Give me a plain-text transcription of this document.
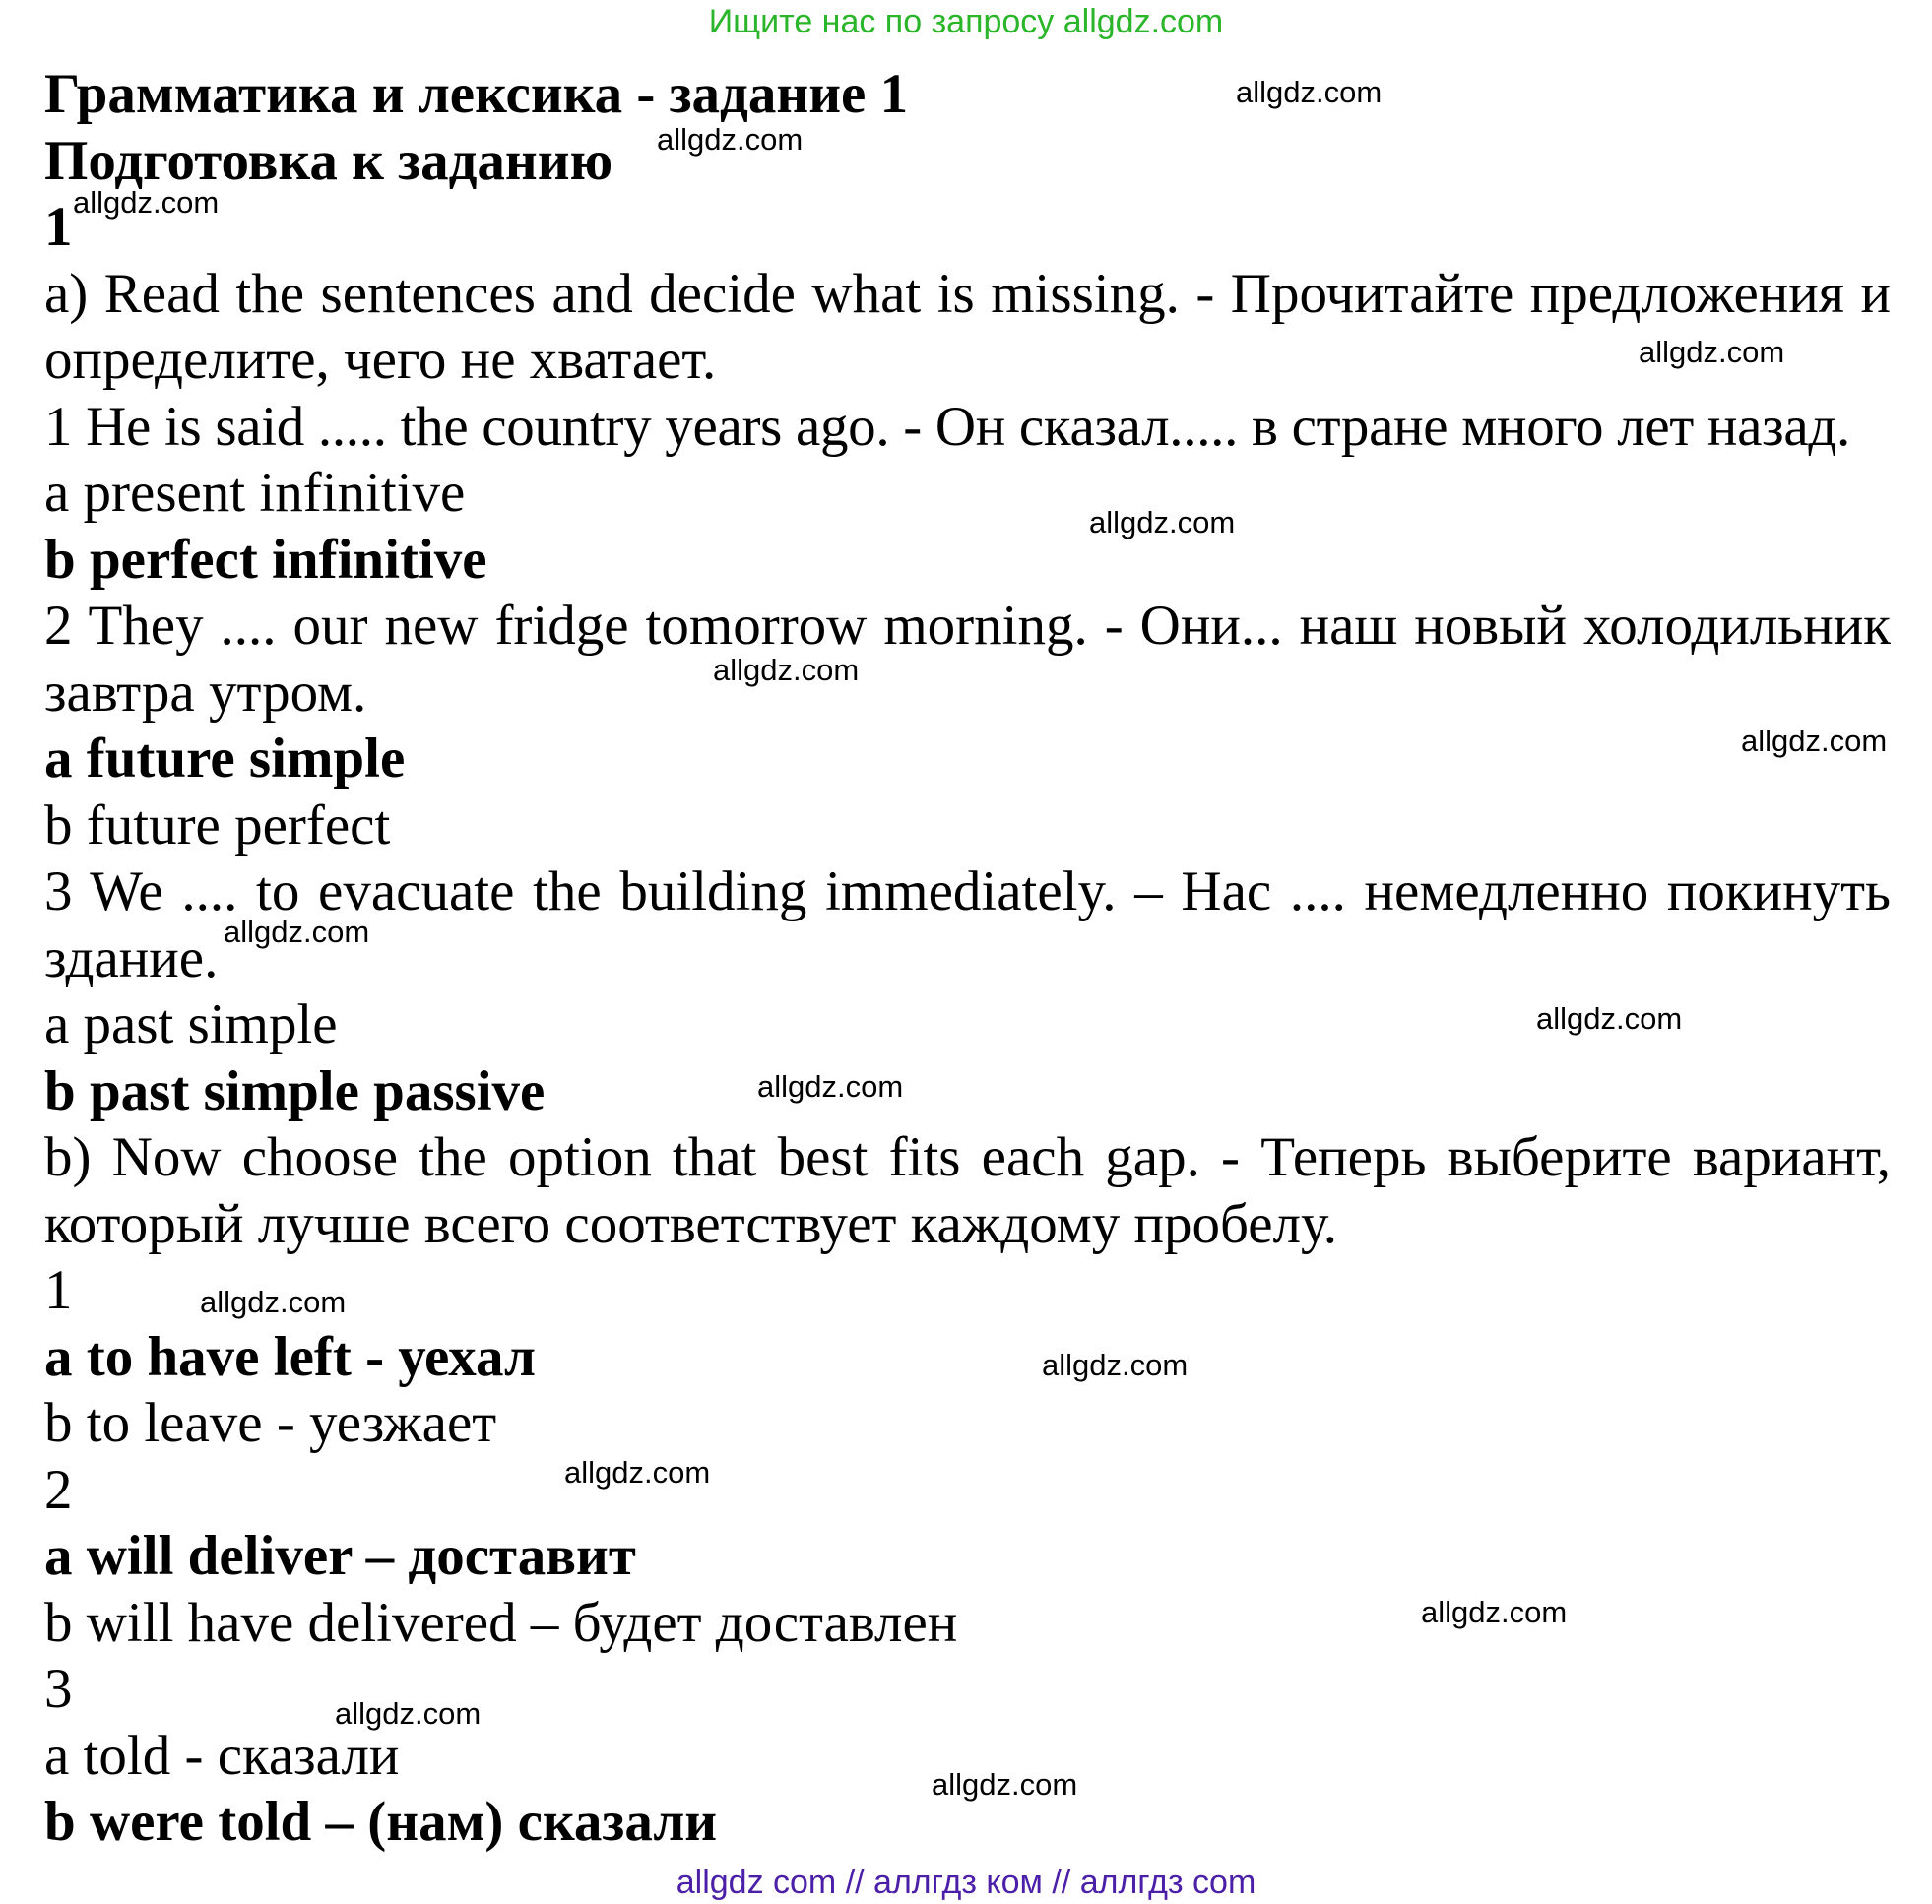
Ищите нас по запросу allgdz.com
Грамматика и лексика - задание 1
Подготовка к заданию
1
a) Read the sentences and decide what is missing. - Прочитайте предложения и определите, чего не хватает.
1 He is said ..... the country years ago. - Он сказал..... в стране много лет назад.
a present infinitive
b perfect infinitive
2 They .... our new fridge tomorrow morning. - Они... наш новый холодильник завтра утром.
a future simple
b future perfect
3 We .... to evacuate the building immediately. – Нас .... немедленно покинуть здание.
a past simple
b past simple passive
b) Now choose the option that best fits each gap. - Теперь выберите вариант, который лучше всего соответствует каждому пробелу.
1
a to have left - уехал
b to leave - уезжает
2
a will deliver – доставит
b will have delivered – будет доставлен
3
a told - сказали
b were told – (нам) сказали
allgdz.com
allgdz.com
allgdz.com
allgdz.com
allgdz.com
allgdz.com
allgdz.com
allgdz.com
allgdz.com
allgdz.com
allgdz.com
allgdz.com
allgdz.com
allgdz.com
allgdz.com
allgdz.com
allgdz com // аллгдз ком // аллгдз com
